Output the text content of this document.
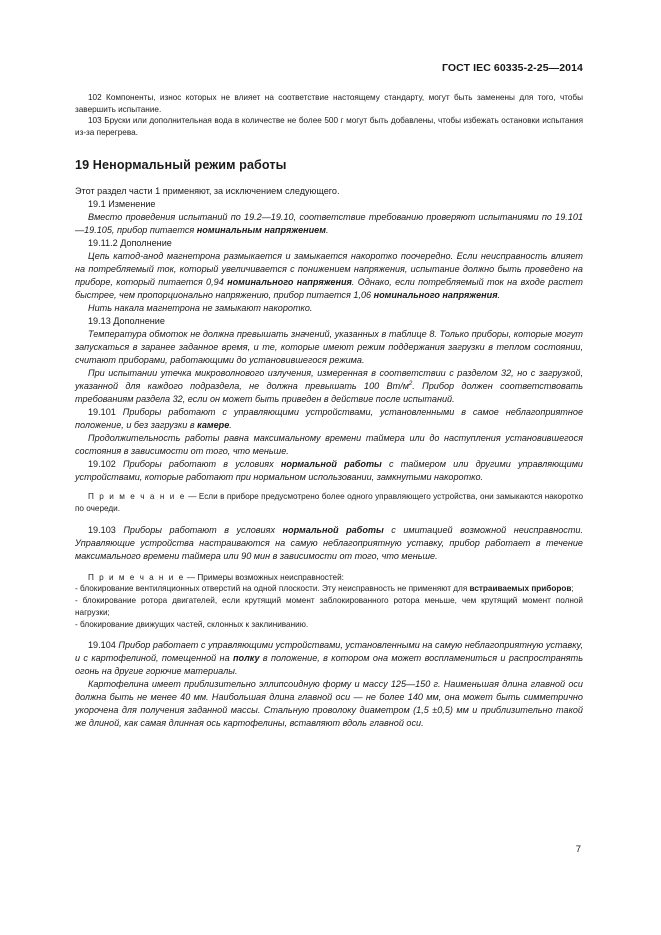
ГОСТ IEC 60335-2-25—2014

102 Компоненты, износ которых не влияет на соответствие настоящему стандарту, могут быть заменены для того, чтобы завершить испытание.

103 Бруски или дополнительная вода в количестве не более 500 г могут быть добавлены, чтобы избежать остановки испытания из-за перегрева.

19 Ненормальный режим работы

Этот раздел части 1 применяют, за исключением следующего.

19.1 Изменение

Вместо проведения испытаний по 19.2—19.10, соответствие требованию проверяют испытаниями по 19.101—19.105, прибор питается номинальным напряжением.

19.11.2 Дополнение

Цепь катод-анод магнетрона размыкается и замыкается накоротко поочередно. Если неисправность влияет на потребляемый ток, который увеличивается с понижением напряжения, испытание должно быть проведено на приборе, который питается 0,94 номинального напряжения. Однако, если потребляемый ток на входе растет быстрее, чем пропорционально напряжению, прибор питается 1,06 номинального напряжения.

Нить накала магнетрона не замыкают накоротко.

19.13 Дополнение

Температура обмоток не должна превышать значений, указанных в таблице 8. Только приборы, которые могут запускаться в заранее заданное время, и те, которые имеют режим поддержания загрузки в теплом состоянии, считают приборами, работающими до установившегося режима.

При испытании утечка микроволнового излучения, измеренная в соответствии с разделом 32, но с загрузкой, указанной для каждого подраздела, не должна превышать 100 $Вт/м^2$. Прибор должен соответствовать требованиям раздела 32, если он может быть приведен в действие после испытаний.

19.101 Приборы работают с управляющими устройствами, установленными в самое неблагоприятное положение, и без загрузки в камере.

Продолжительность работы равна максимальному времени таймера или до наступления установившегося состояния в зависимости от того, что меньше.

19.102 Приборы работают в условиях нормальной работы с таймером или другими управляющими устройствами, которые работают при нормальном использовании, замкнутыми накоротко.

П р и м е ч а н и е — Если в приборе предусмотрено более одного управляющего устройства, они замыкаются накоротко по очереди.

19.103 Приборы работают в условиях нормальной работы с имитацией возможной неисправности. Управляющие устройства настраиваются на самую неблагоприятную уставку, прибор работает в течение максимального времени таймера или 90 мин в зависимости от того, что меньше.

П р и м е ч а н и е — Примеры возможных неисправностей:

- блокирование вентиляционных отверстий на одной плоскости. Эту неисправность не применяют для встраиваемых приборов;

- блокирование ротора двигателей, если крутящий момент заблокированного ротора меньше, чем крутящий момент полной нагрузки;

- блокирование движущих частей, склонных к заклиниванию.

19.104 Прибор работает с управляющими устройствами, установленными на самую неблагоприятную уставку, и с картофелиной, помещенной на полку в положение, в котором она может воспламениться и распространять огонь на другие горючие материалы.

Картофелина имеет приблизительно эллипсоидную форму и массу 125—150 г. Наименьшая длина главной оси должна быть не менее 40 мм. Наибольшая длина главной оси — не более 140 мм, она может быть симметрично укорочена для получения заданной массы. Стальную проволоку диаметром (1,5 ±0,5) мм и приблизительно такой же длиной, как самая длинная ось картофелины, вставляют вдоль главной оси.

7
